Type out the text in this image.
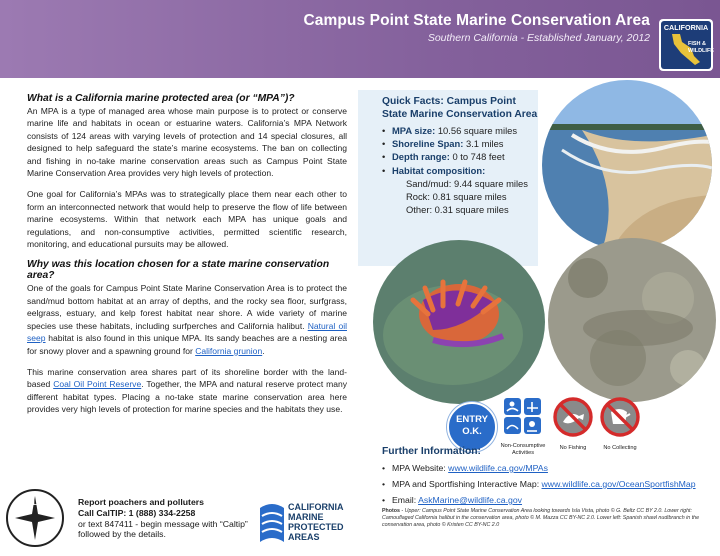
Campus Point State Marine Conservation Area
Southern California - Established January, 2012
CALIFORNIA
FISH &
WILDLIFE
What is a California marine protected area (or “MPA”)?

An MPA is a type of managed area whose main purpose is to protect or conserve marine life and habitats in ocean or estuarine waters. California’s MPA Network consists of 124 areas with varying levels of protection and 14 special closures, all designed to help safeguard the state’s marine ecosystems. The ban on collecting and fishing in no-take marine conservation areas such as Campus Point State Marine Conservation Area provides very high levels of protection.

One goal for California’s MPAs was to strategically place them near each other to form an interconnected network that would help to preserve the flow of life between marine ecosystems. Within that network each MPA has unique goals and regulations, and non-consumptive activities, permitted scientific research, monitoring, and educational pursuits may be allowed.

Why was this location chosen for a state marine conservation area?

One of the goals for Campus Point State Marine Conservation Area is to protect the sand/mud bottom habitat at an array of depths, and the rocky sea floor, surfgrass, eelgrass, estuary, and kelp forest habitat near shore. A wide variety of marine species use these habitats, including surfperches and California halibut. Natural oil seep habitat is also found in this unique MPA. Its sandy beaches are a nesting area for snowy plover and a spawning ground for California grunion.

This marine conservation area shares part of its shoreline border with the land-based Coal Oil Point Reserve. Together, the MPA and natural reserve protect many different habitat types. Placing a no-take state marine conservation area here provides very high levels of protection for marine species and the habitats they use.

Quick Facts: Campus Point State Marine Conservation Area
• MPA size: 10.56 square miles
• Shoreline Span: 3.1 miles
• Depth range: 0 to 748 feet
• Habitat composition:
Sand/mud: 9.44 square miles
Rock: 0.81 square miles
Other: 0.31 square miles
ENTRY
O.K.
Non-Consumptive Activities
No Fishing	No Collecting
Further Information:
• MPA Website: www.wildlife.ca.gov/MPAs
• MPA and Sportfishing Interactive Map: www.wildlife.ca.gov/OceanSportfishMap
• Email: AskMarine@wildlife.ca.gov
Photos - Upper: Campus Point State Marine Conservation Area looking towards Isla Vista, photo © G. Beltz CC BY 2.0. Lower right: Camouflaged California halibut in the conservation area, photo © M. Mazza CC BY-NC 2.0. Lower left: Spanish shawl nudibranch in the conservation area, photo © Kristen CC BY-NC 2.0
CALTIP	Report poachers and polluters
Call CalTIP: 1 (888) 334-2258
or text 847411 - begin message with “Caltip” followed by the details.
CALIFORNIA
MARINE
PROTECTED
AREAS
